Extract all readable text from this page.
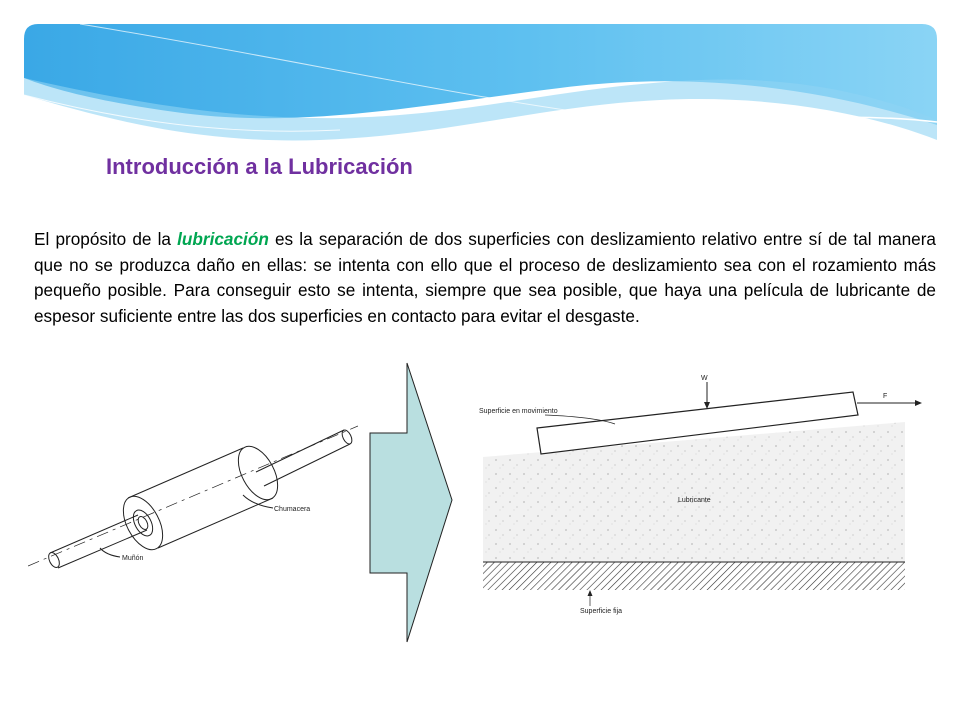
Introducción a la Lubricación

El propósito de la lubricación es la separación de dos superficies con deslizamiento relativo entre sí de tal manera que no se produzca daño en ellas: se intenta con ello que el proceso de deslizamiento sea con el rozamiento más pequeño posible. Para conseguir esto se intenta, siempre que sea posible, que haya una película de lubricante de espesor suficiente entre las dos superficies en contacto para evitar el desgaste.

Chumacera
Muñón
W
F
Superficie en movimiento
Lubricante
Superficie fija
